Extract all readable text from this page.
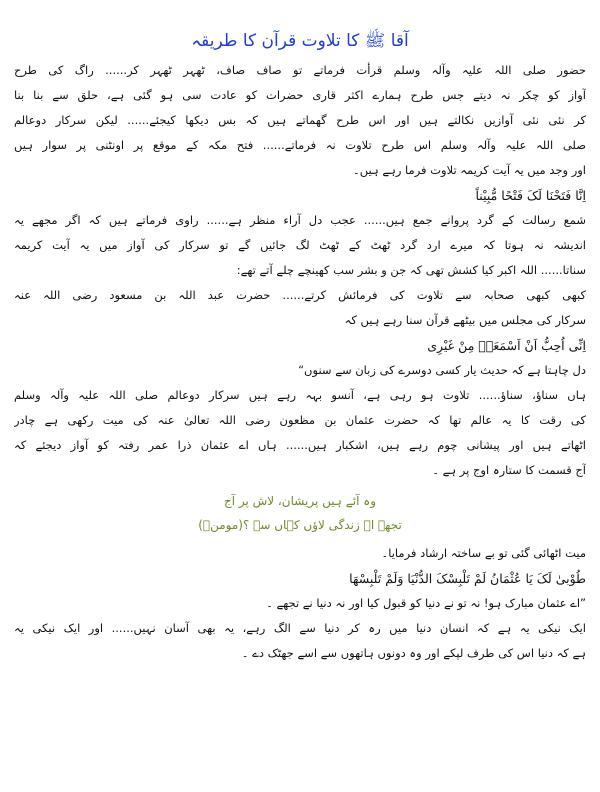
آقا ﷺ کا تلاوت قرآن کا طریقہ
حضور صلی اللہ علیہ وآلہ وسلم قرأت فرماتے تو صاف صاف، ٹھہر ٹھہر کر...... راگ کی طرح
آواز کو چکر نہ دیتے جس طرح ہمارے اکثر قاری حضرات کو عادت سی ہو گئی ہے، حلق سے بنا بنا
کر نئی نئی آوازیں نکالتے ہیں اور اس طرح گھماتے ہیں کہ بس دیکھا کیجئے...... لیکن سرکار دوعالم
صلی اللہ علیہ وآلہ وسلم اس طرح تلاوت نہ فرماتے...... فتح مکہ کے موقع پر اونٹنی پر سوار ہیں
اور وجد میں یہ آیت کریمہ تلاوت فرما رہے ہیں۔
اِنَّا فَتَحْنَا لَکَ فَتْحًا مُّبِیْناً
شمع رسالت کے گرد پروانے جمع ہیں...... عجب دل آراء منظر ہے...... راوی فرماتے ہیں کہ اگر مجھے یہ
اندیشہ نہ ہوتا کہ میرے ارد گرد ٹھٹ کے ٹھٹ لگ جائیں گے تو سرکار کی آواز میں یہ آیت کریمہ
سناتا...... اللہ اکبر کیا کشش تھی کہ جن و بشر سب کھینچے چلے آتے تھے:
کبھی کبھی صحابہ سے تلاوت کی فرمائش کرتے...... حضرت عبد اللہ بن مسعود رضی اللہ عنہ
سرکار کی مجلس میں بیٹھے قرآن سنا رہے ہیں کہ
اِنِّی اُحِبُّ اَنْ اَسْمَعَہٗ مِنْ غَیْرِی
دل چاہتا ہے کہ حدیث یار کسی دوسرے کی زبان سے سنوں“
ہاں سناؤ، سناؤ...... تلاوت ہو رہی ہے، آنسو بہہ رہے ہیں سرکار دوعالم صلی اللہ علیہ وآلہ وسلم
کی رقت کا یہ عالم تھا کہ حضرت عثمان بن مظعون رضی اللہ تعالیٰ عنہ کی میت رکھی ہے چادر
اٹھاتے ہیں اور پیشانی چوم رہے ہیں، اشکبار ہیں...... ہاں اے عثمان ذرا عمر رفتہ کو آواز دیجئے کہ
آج قسمت کا ستارہ اوج پر ہے ۔
وہ آئے ہیں پریشان، لاش پر آج
تجھے اے زندگی لاؤں کہاں سے ؟(مومنؔ)
میت اٹھائی گئی تو بے ساختہ ارشاد فرمایا۔
طُوْبیٰ لَکَ یَا عُثْمَانُ لَمْ تَلْبِسْکَ الدُّنْیَا وَلَمْ تَلْبِسْھَا
”اے عثمان مبارک ہو! نہ تو نے دنیا کو قبول کیا اور نہ دنیا نے تجھے ۔
ایک نیکی یہ ہے کہ انسان دنیا میں رہ کر دنیا سے الگ رہے، یہ بھی آسان نہیں...... اور ایک نیکی یہ
ہے کہ دنیا اس کی طرف لپکے اور وہ دونوں ہاتھوں سے اسے جھٹک دے ۔
